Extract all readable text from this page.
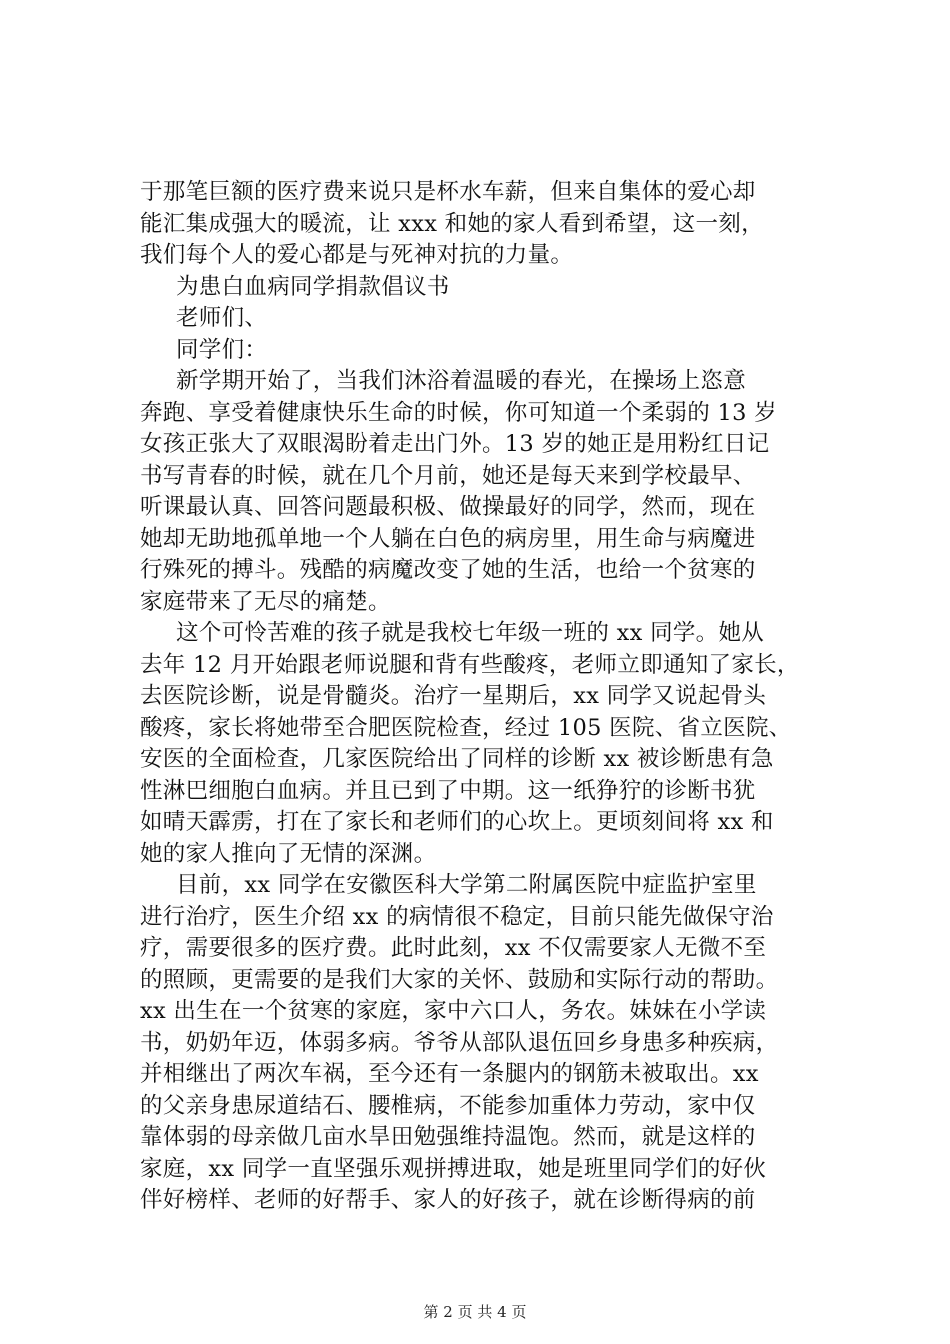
于那笔巨额的医疗费来说只是杯水车薪，但来自集体的爱心却
能汇集成强大的暖流，让 xxx 和她的家人看到希望，这一刻，
我们每个人的爱心都是与死神对抗的力量。
为患白血病同学捐款倡议书
老师们、
同学们：
新学期开始了，当我们沐浴着温暖的春光，在操场上恣意
奔跑、享受着健康快乐生命的时候，你可知道一个柔弱的 13 岁
女孩正张大了双眼渴盼着走出门外。13 岁的她正是用粉红日记
书写青春的时候，就在几个月前，她还是每天来到学校最早、
听课最认真、回答问题最积极、做操最好的同学，然而，现在
她却无助地孤单地一个人躺在白色的病房里，用生命与病魔进
行殊死的搏斗。残酷的病魔改变了她的生活，也给一个贫寒的
家庭带来了无尽的痛楚。
这个可怜苦难的孩子就是我校七年级一班的 xx 同学。她从
去年 12 月开始跟老师说腿和背有些酸疼，老师立即通知了家长，
去医院诊断，说是骨髓炎。治疗一星期后，xx 同学又说起骨头
酸疼，家长将她带至合肥医院检查，经过 105 医院、省立医院、
安医的全面检查，几家医院给出了同样的诊断 xx 被诊断患有急
性淋巴细胞白血病。并且已到了中期。这一纸狰狞的诊断书犹
如晴天霹雳，打在了家长和老师们的心坎上。更顷刻间将 xx 和
她的家人推向了无情的深渊。
目前，xx 同学在安徽医科大学第二附属医院中症监护室里
进行治疗，医生介绍 xx 的病情很不稳定，目前只能先做保守治
疗，需要很多的医疗费。此时此刻，xx 不仅需要家人无微不至
的照顾，更需要的是我们大家的关怀、鼓励和实际行动的帮助。
xx 出生在一个贫寒的家庭，家中六口人，务农。妹妹在小学读
书，奶奶年迈，体弱多病。爷爷从部队退伍回乡身患多种疾病，
并相继出了两次车祸，至今还有一条腿内的钢筋未被取出。xx
的父亲身患尿道结石、腰椎病，不能参加重体力劳动，家中仅
靠体弱的母亲做几亩水旱田勉强维持温饱。然而，就是这样的
家庭，xx 同学一直坚强乐观拼搏进取，她是班里同学们的好伙
伴好榜样、老师的好帮手、家人的好孩子，就在诊断得病的前
第 2 页 共 4 页
